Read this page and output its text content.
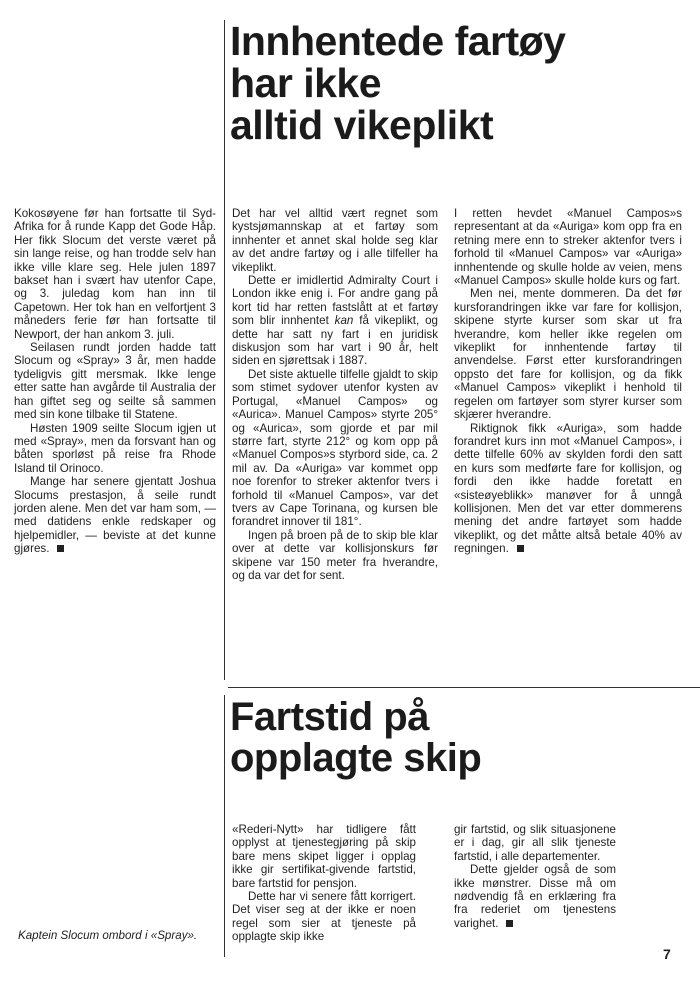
Innhentede fartøy
har ikke
alltid vikeplikt

Kokosøyene før han fortsatte til Syd-Afrika for å runde Kapp det Gode Håp. Her fikk Slocum det verste været på sin lange reise, og han trodde selv han ikke ville klare seg. Hele julen 1897 bakset han i svært hav utenfor Cape, og 3. juledag kom han inn til Capetown. Her tok han en velfortjent 3 måneders ferie før han fortsatte til Newport, der han ankom 3. juli.

Seilasen rundt jorden hadde tatt Slocum og «Spray» 3 år, men hadde tydeligvis gitt mersmak. Ikke lenge etter satte han avgårde til Australia der han giftet seg og seilte så sammen med sin kone tilbake til Statene.

Høsten 1909 seilte Slocum igjen ut med «Spray», men da forsvant han og båten sporløst på reise fra Rhode Island til Orinoco.

Mange har senere gjentatt Joshua Slocums prestasjon, å seile rundt jorden alene. Men det var ham som, — med datidens enkle redskaper og hjelpemidler, — beviste at det kunne gjøres.

Det har vel alltid vært regnet som kystsjømannskap at et fartøy som innhenter et annet skal holde seg klar av det andre fartøy og i alle tilfeller ha vikeplikt.

Dette er imidlertid Admiralty Court i London ikke enig i. For andre gang på kort tid har retten fastslått at et fartøy som blir innhentet kan få vikeplikt, og dette har satt ny fart i en juridisk diskusjon som har vart i 90 år, helt siden en sjørettsak i 1887.

Det siste aktuelle tilfelle gjaldt to skip som stimet sydover utenfor kysten av Portugal, «Manuel Campos» og «Aurica». Manuel Campos» styrte 205° og «Aurica», som gjorde et par mil større fart, styrte 212° og kom opp på «Manuel Compos»s styrbord side, ca. 2 mil av. Da «Auriga» var kommet opp noe forenfor to streker aktenfor tvers i forhold til «Manuel Campos», var det tvers av Cape Torinana, og kursen ble forandret innover til 181°.

Ingen på broen på de to skip ble klar over at dette var kollisjonskurs før skipene var 150 meter fra hverandre, og da var det for sent.

I retten hevdet «Manuel Campos»s representant at da «Auriga» kom opp fra en retning mere enn to streker aktenfor tvers i forhold til «Manuel Campos» var «Auriga» innhentende og skulle holde av veien, mens «Manuel Campos» skulle holde kurs og fart.

Men nei, mente dommeren. Da det før kursforandringen ikke var fare for kollisjon, skipene styrte kurser som skar ut fra hverandre, kom heller ikke regelen om vikeplikt for innhentende fartøy til anvendelse. Først etter kursforandringen oppsto det fare for kollisjon, og da fikk «Manuel Campos» vikeplikt i henhold til regelen om fartøyer som styrer kurser som skjærer hverandre.

Riktignok fikk «Auriga», som hadde forandret kurs inn mot «Manuel Campos», i dette tilfelle 60% av skylden fordi den satt en kurs som medførte fare for kollisjon, og fordi den ikke hadde foretatt en «sisteøyeblikk» manøver for å unngå kollisjonen. Men det var etter dommerens mening det andre fartøyet som hadde vikeplikt, og det måtte altså betale 40% av regningen.

Fartstid på
opplagte skip

«Rederi-Nytt» har tidligere fått opplyst at tjenestegjøring på skip bare mens skipet ligger i opplag ikke gir sertifikat-givende fartstid, bare fartstid for pensjon.

Dette har vi senere fått korrigert. Det viser seg at der ikke er noen regel som sier at tjeneste på opplagte skip ikke

gir fartstid, og slik situasjonene er i dag, gir all slik tjeneste fartstid, i alle departementer.

Dette gjelder også de som ikke mønstrer. Disse må om nødvendig få en erklæring fra fra rederiet om tjenestens varighet.

Kaptein Slocum ombord i «Spray».
7
